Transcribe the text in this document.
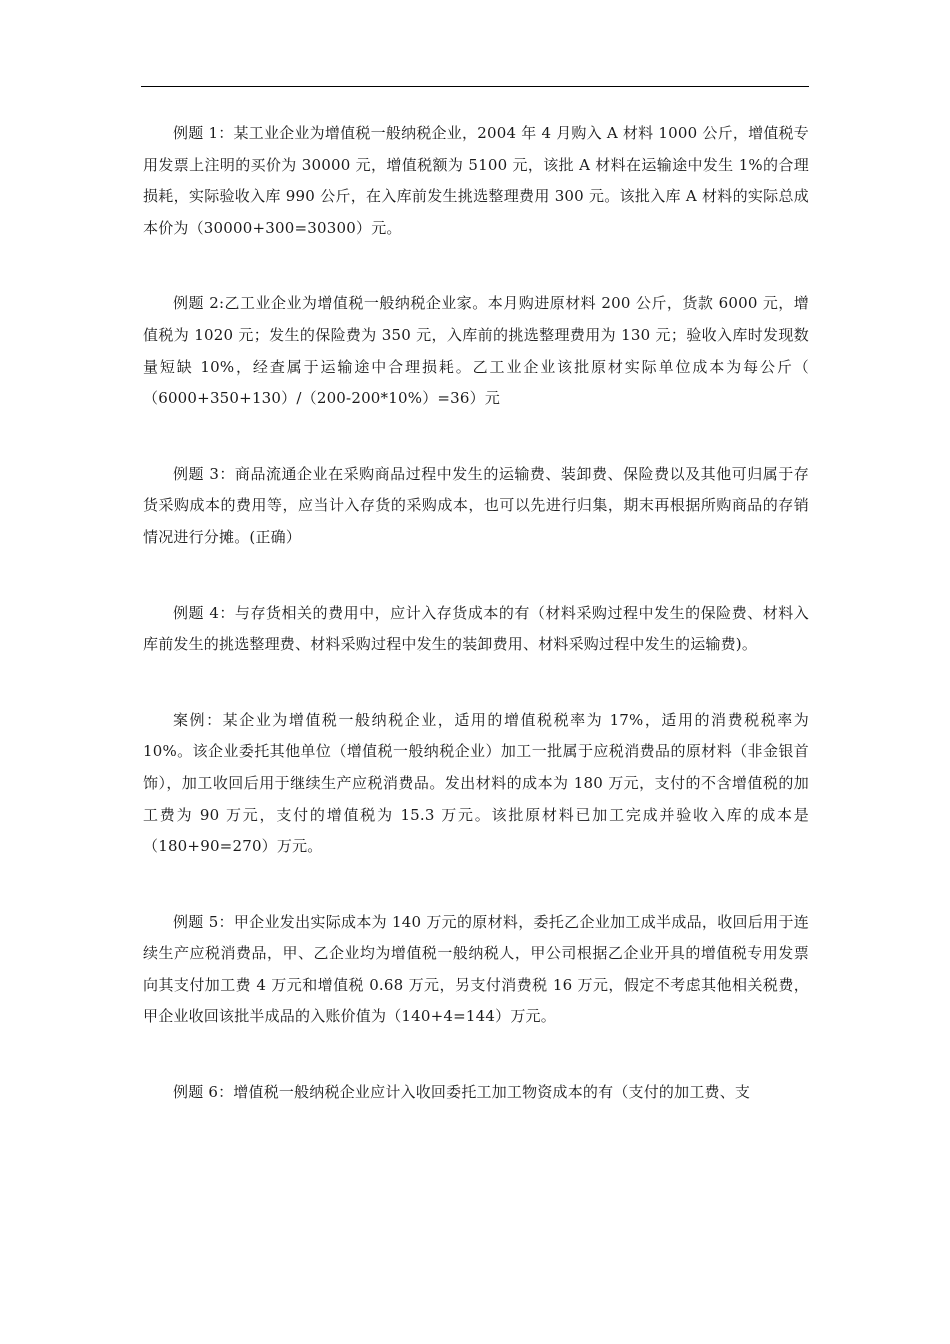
例题 1：某工业企业为增值税一般纳税企业，2004 年 4 月购入 A 材料 1000 公斤，增值税专用发票上注明的买价为 30000 元，增值税额为 5100 元，该批 A 材料在运输途中发生 1%的合理损耗，实际验收入库 990 公斤，在入库前发生挑选整理费用 300 元。该批入库 A 材料的实际总成本价为（30000+300=30300）元。

例题 2:乙工业企业为增值税一般纳税企业家。本月购进原材料 200 公斤，货款 6000 元，增值税为 1020 元；发生的保险费为 350 元，入库前的挑选整理费用为 130 元；验收入库时发现数量短缺 10%，经查属于运输途中合理损耗。乙工业企业该批原材实际单位成本为每公斤（ （6000+350+130）/（200-200*10%）=36）元

例题 3：商品流通企业在采购商品过程中发生的运输费、装卸费、保险费以及其他可归属于存货采购成本的费用等，应当计入存货的采购成本，也可以先进行归集，期末再根据所购商品的存销情况进行分摊。(正确）

例题 4：与存货相关的费用中，应计入存货成本的有（材料采购过程中发生的保险费、材料入库前发生的挑选整理费、材料采购过程中发生的装卸费用、材料采购过程中发生的运输费)。

案例：某企业为增值税一般纳税企业，适用的增值税税率为 17%，适用的消费税税率为 10%。该企业委托其他单位（增值税一般纳税企业）加工一批属于应税消费品的原材料（非金银首饰），加工收回后用于继续生产应税消费品。发出材料的成本为 180 万元，支付的不含增值税的加工费为 90 万元，支付的增值税为 15.3 万元。该批原材料已加工完成并验收入库的成本是（180+90=270）万元。

例题 5：甲企业发出实际成本为 140 万元的原材料，委托乙企业加工成半成品，收回后用于连续生产应税消费品，甲、乙企业均为增值税一般纳税人，甲公司根据乙企业开具的增值税专用发票向其支付加工费 4 万元和增值税 0.68 万元，另支付消费税 16 万元，假定不考虑其他相关税费，甲企业收回该批半成品的入账价值为（140+4=144）万元。

例题 6：增值税一般纳税企业应计入收回委托工加工物资成本的有（支付的加工费、支
